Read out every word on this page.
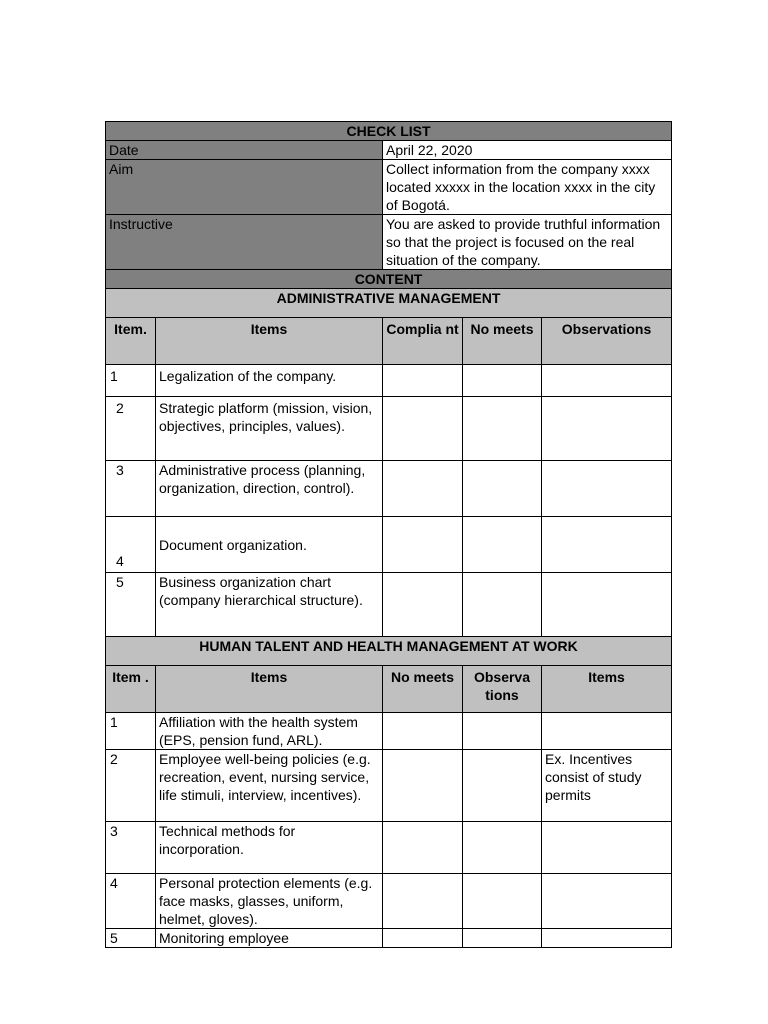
CHECK LIST				
Date		April 22, 2020		
Aim		Collect information from the company xxxx located xxxxx in the location xxxx in the city of Bogotá.		
Instructive		You are asked to provide truthful information so that the project is focused on the real situation of the company.		
CONTENT				
ADMINISTRATIVE MANAGEMENT				
Item.	Items	Complia nt	No meets	Observations
1	Legalization of the company.			
2	Strategic platform (mission, vision, objectives, principles, values).			
3	Administrative process (planning, organization, direction, control).			
4	Document organization.			
5	Business organization chart (company hierarchical structure).			
HUMAN TALENT AND HEALTH MANAGEMENT AT WORK				
Item .	Items	No meets	Observa tions	Items
1	Affiliation with the health system (EPS, pension fund, ARL).			
2	Employee well-being policies (e.g. recreation, event, nursing service, life stimuli, interview, incentives).			Ex. Incentives consist of study permits
3	Technical methods for incorporation.			
4	Personal protection elements (e.g. face masks, glasses, uniform, helmet, gloves).			
5	Monitoring employee			
